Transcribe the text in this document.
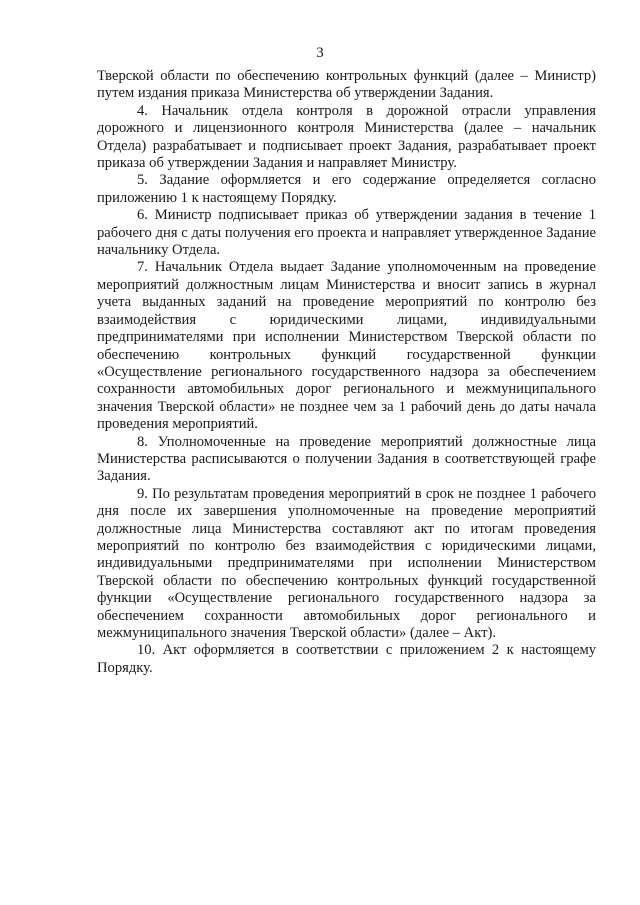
3

Тверской области по обеспечению контрольных функций (далее – Министр) путем издания приказа Министерства об утверждении Задания.

4. Начальник отдела контроля в дорожной отрасли управления дорожного и лицензионного контроля Министерства (далее – начальник Отдела) разрабатывает и подписывает проект Задания, разрабатывает проект приказа об утверждении Задания и направляет Министру.

5. Задание оформляется и его содержание определяется согласно приложению 1 к настоящему Порядку.

6. Министр подписывает приказ об утверждении задания в течение 1 рабочего дня с даты получения его проекта и направляет утвержденное Задание начальнику Отдела.

7. Начальник Отдела выдает Задание уполномоченным на проведение мероприятий должностным лицам Министерства и вносит запись в журнал учета выданных заданий на проведение мероприятий по контролю без взаимодействия с юридическими лицами, индивидуальными предпринимателями при исполнении Министерством Тверской области по обеспечению контрольных функций государственной функции «Осуществление регионального государственного надзора за обеспечением сохранности автомобильных дорог регионального и межмуниципального значения Тверской области» не позднее чем за 1 рабочий день до даты начала проведения мероприятий.

8. Уполномоченные на проведение мероприятий должностные лица Министерства расписываются о получении Задания в соответствующей графе Задания.

9. По результатам проведения мероприятий в срок не позднее 1 рабочего дня после их завершения уполномоченные на проведение мероприятий должностные лица Министерства составляют акт по итогам проведения мероприятий по контролю без взаимодействия с юридическими лицами, индивидуальными предпринимателями при исполнении Министерством Тверской области по обеспечению контрольных функций государственной функции «Осуществление регионального государственного надзора за обеспечением сохранности автомобильных дорог регионального и межмуниципального значения Тверской области» (далее – Акт).

10. Акт оформляется в соответствии с приложением 2 к настоящему Порядку.
